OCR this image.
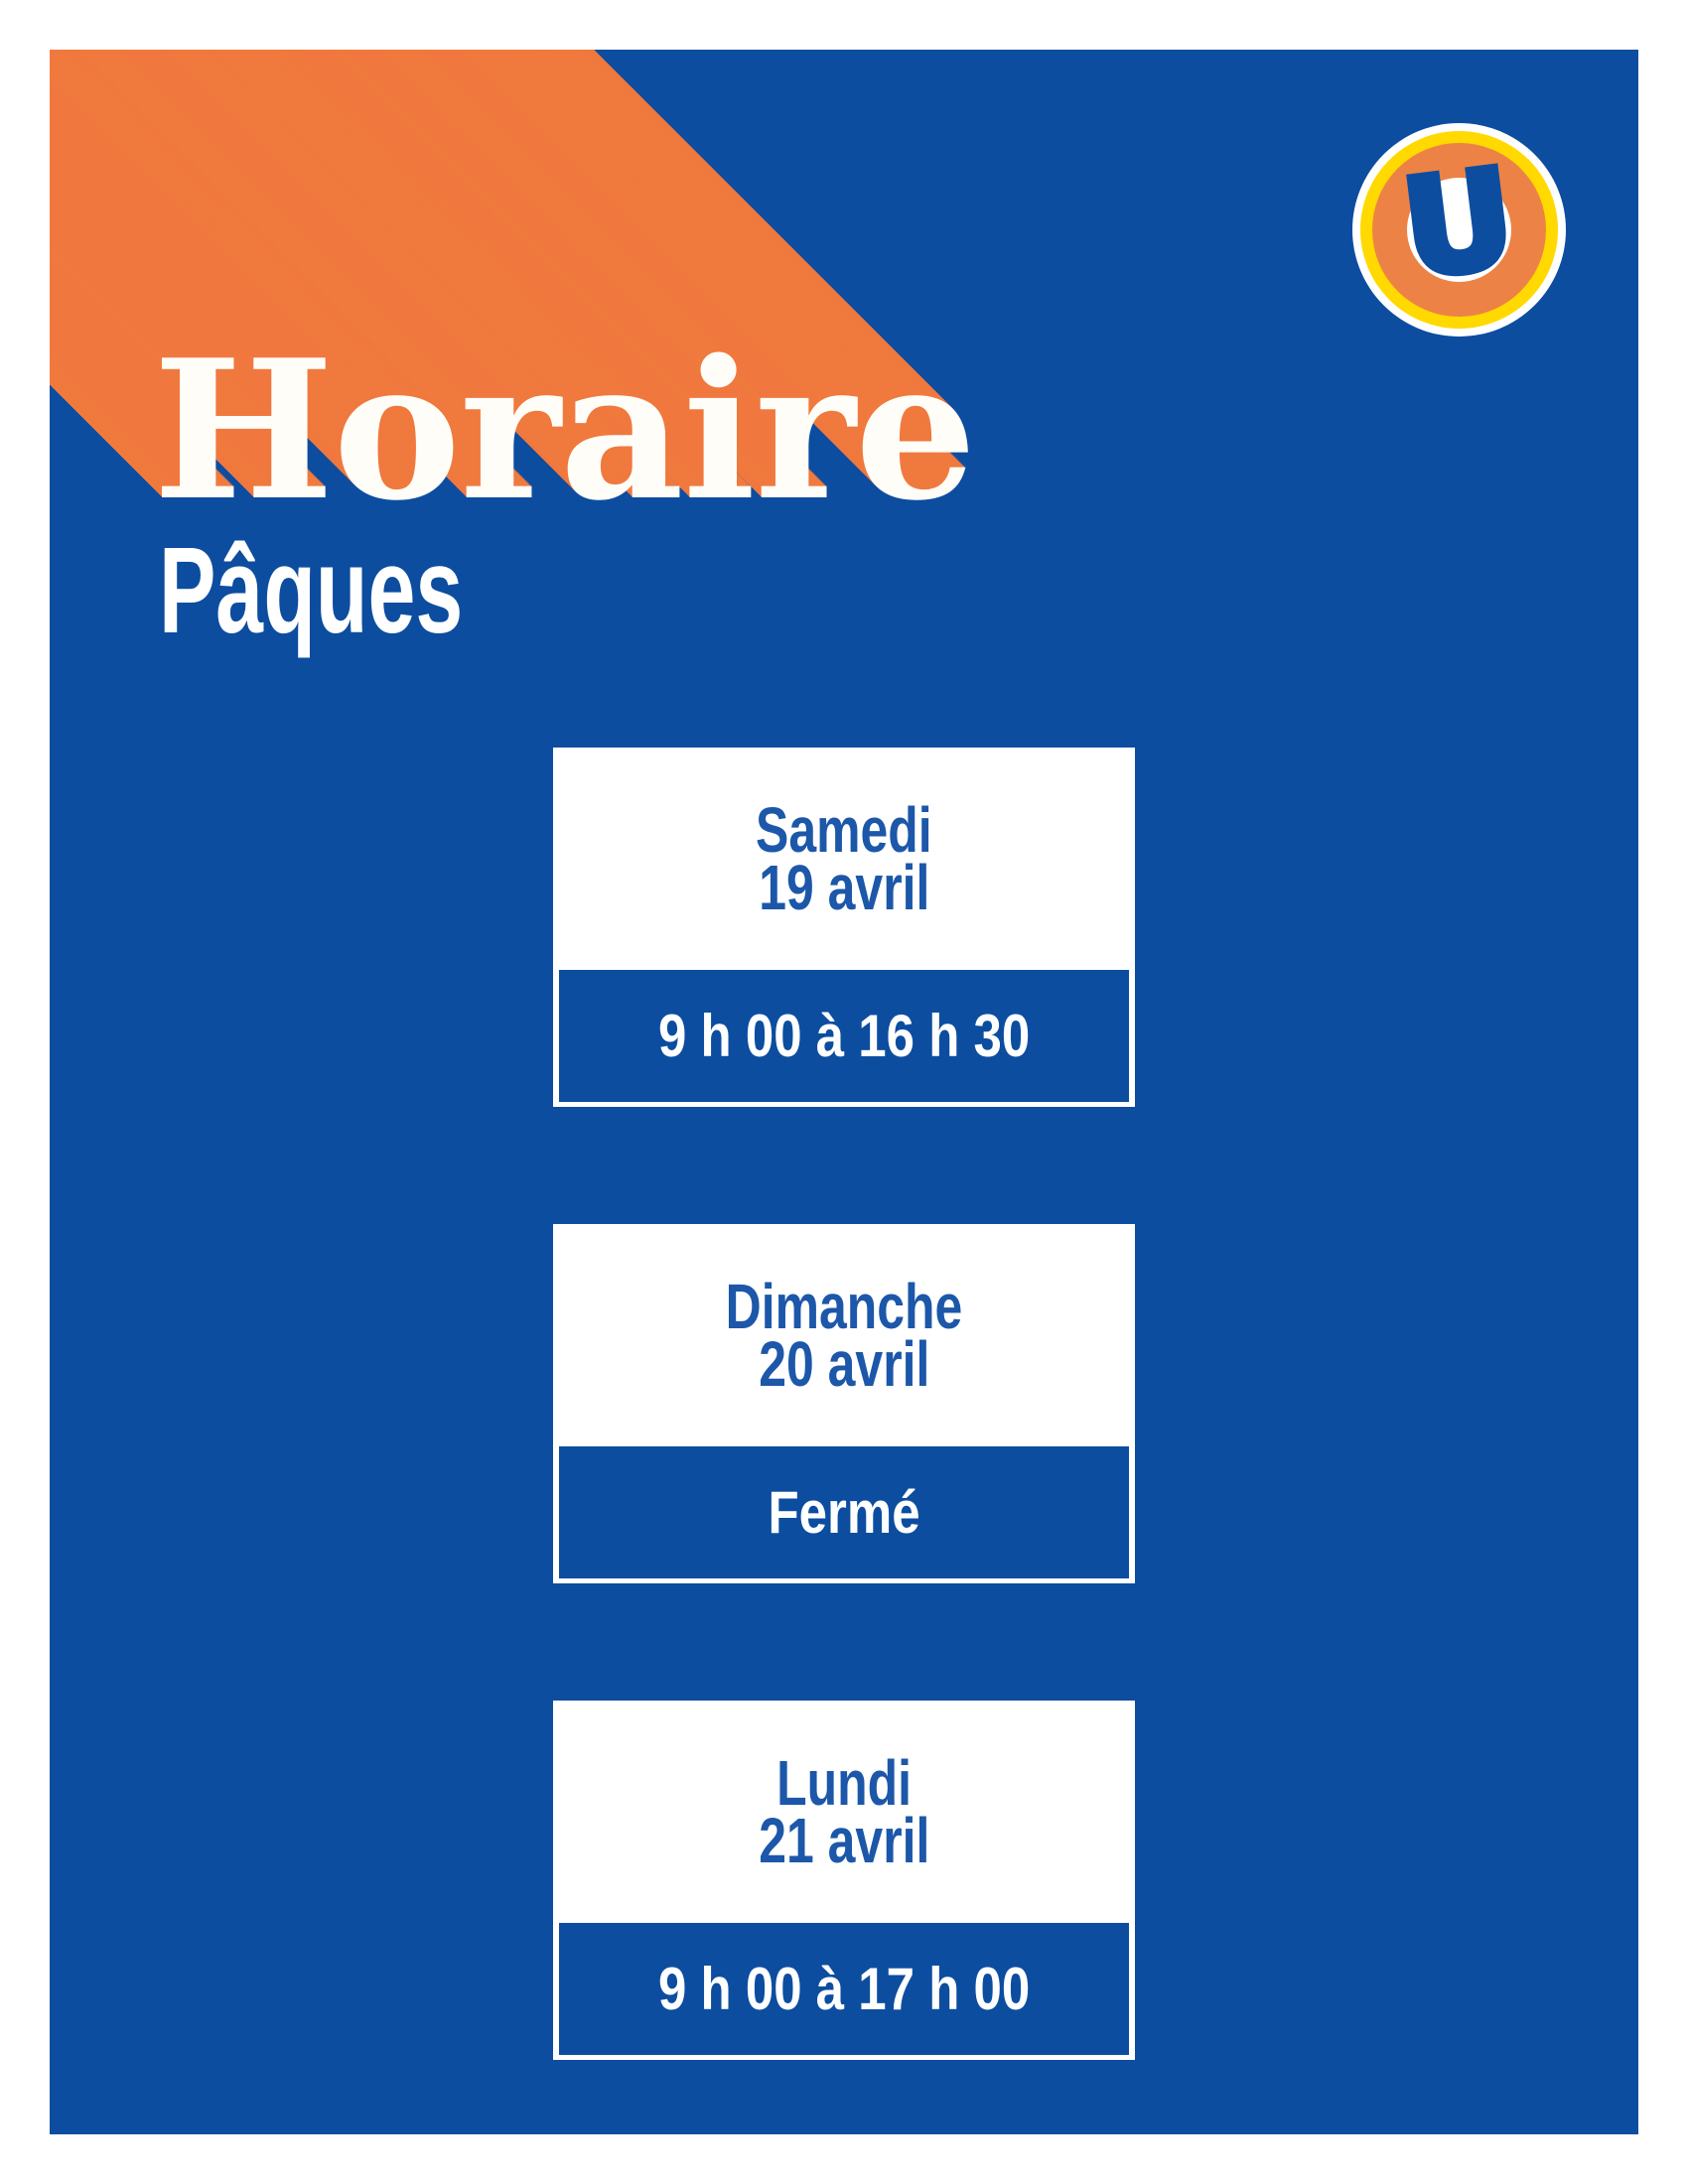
Horaire
Pâques
U
Samedi
19 avril
9 h 00 à 16 h 30
Dimanche
20 avril
Fermé
Lundi
21 avril
9 h 00 à 17 h 00
